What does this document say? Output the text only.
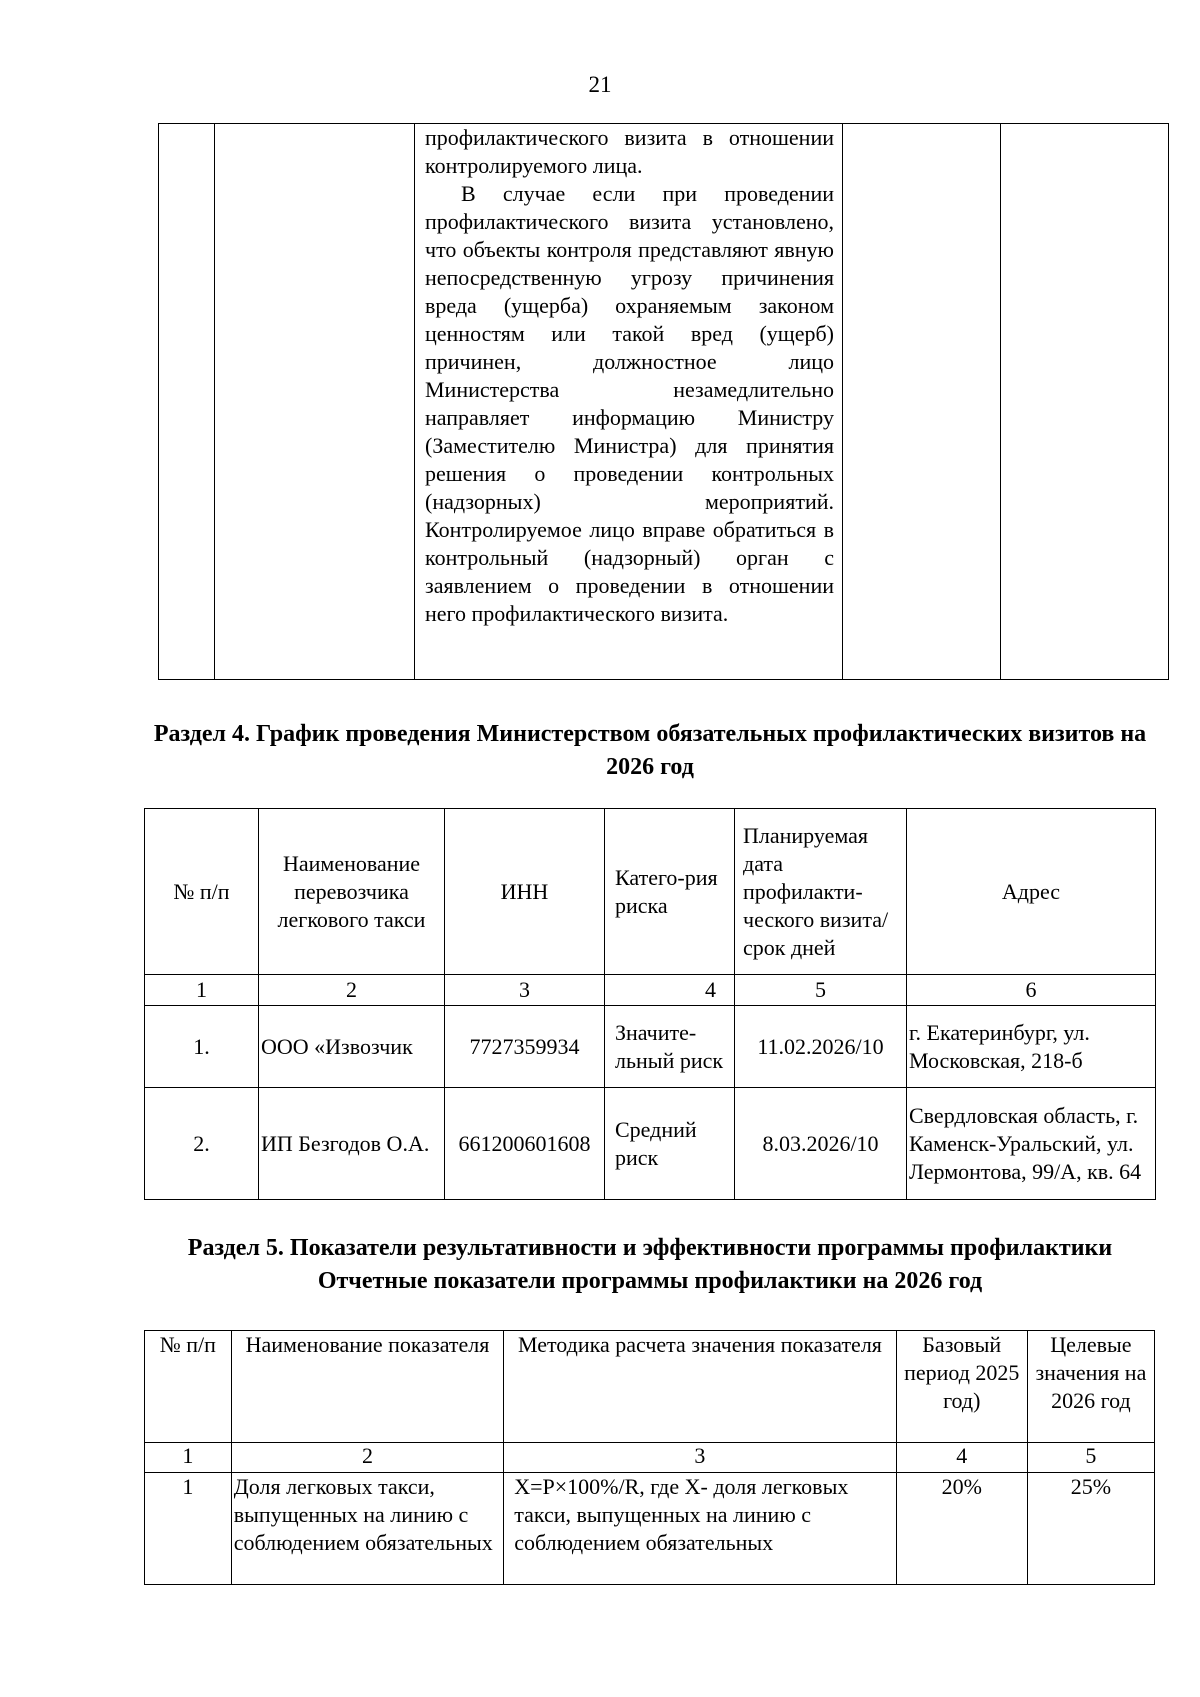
21

профилактического визита в отношении контролируемого лица.

В случае если при проведении профилактического визита установлено, что объекты контроля представляют явную непосредственную угрозу причинения вреда (ущерба) охраняемым законом ценностям или такой вред (ущерб) причинен, должностное лицо Министерства незамедлительно направляет информацию Министру (Заместителю Министра) для принятия решения о проведении контрольных (надзорных) мероприятий. Контролируемое лицо вправе обратиться в контрольный (надзорный) орган с заявлением о проведении в отношении него профилактического визита.

Раздел 4. График проведения Министерством обязательных профилактических визитов на 2026 год
№ п/п	Наименование перевозчика легкового такси	ИНН	Катего-рия риска	Планируемая дата профилакти-ческого визита/срок дней	Адрес
1	2	3	4	5	6
1.	ООО «Извозчик	7727359934	Значите-льный риск	11.02.2026/10	г. Екатеринбург, ул. Московская, 218-б
2.	ИП Безгодов О.А.	661200601608	Средний риск	8.03.2026/10	Свердловская область, г. Каменск-Уральский, ул. Лермонтова, 99/А, кв. 64
Раздел 5. Показатели результативности и эффективности программы профилактики Отчетные показатели программы профилактики на 2026 год
№ п/п	Наименование показателя	Методика расчета значения показателя	Базовый период 2025 год)	Целевые значения на 2026 год
1	2	3	4	5
1	Доля легковых такси, выпущенных на линию с соблюдением обязательных	X=P×100%/R, где X- доля легковых такси, выпущенных на линию с соблюдением обязательных	20%	25%
